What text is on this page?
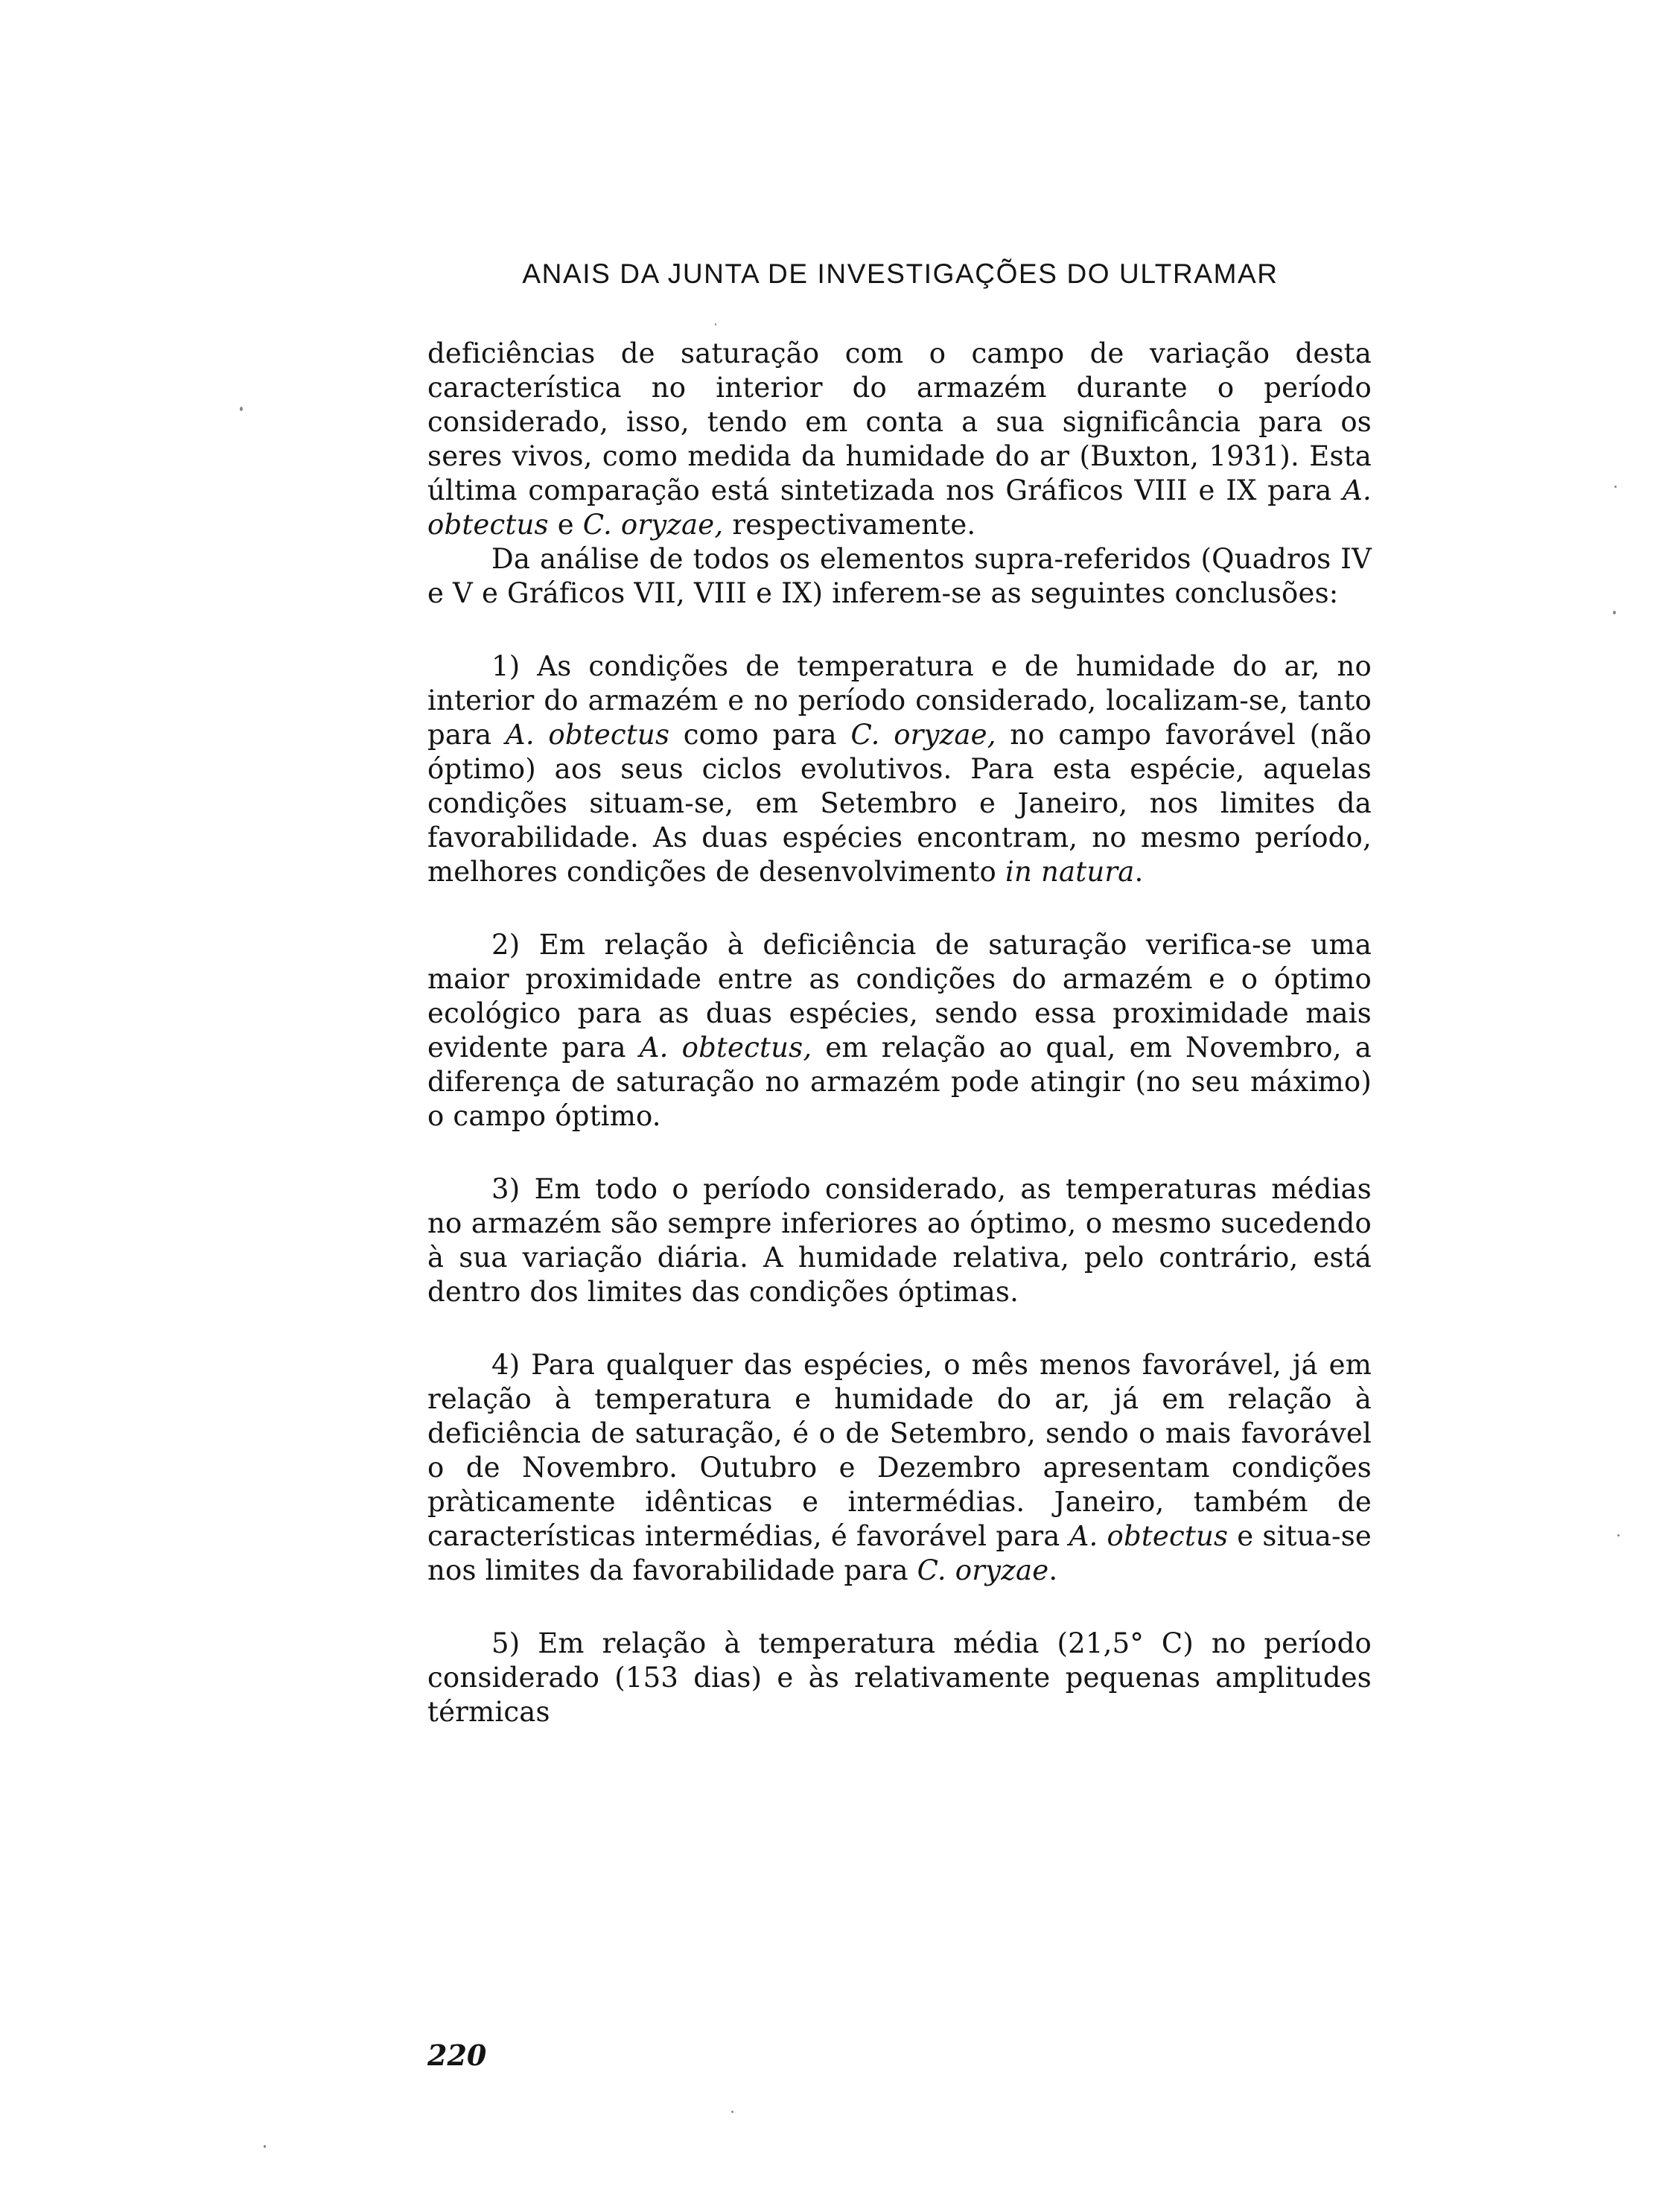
ANAIS DA JUNTA DE INVESTIGAÇÕES DO ULTRAMAR

deficiências de saturação com o campo de variação desta característica no interior do armazém durante o período considerado, isso, tendo em conta a sua significância para os seres vivos, como medida da humidade do ar (Buxton, 1931). Esta última comparação está sintetizada nos Gráficos VIII e IX para A. obtectus e C. oryzae, respectivamente.

Da análise de todos os elementos supra-referidos (Quadros IV e V e Gráficos VII, VIII e IX) inferem-se as seguintes conclusões:

1) As condições de temperatura e de humidade do ar, no interior do armazém e no período considerado, localizam-se, tanto para A. obtectus como para C. oryzae, no campo favorável (não óptimo) aos seus ciclos evolutivos. Para esta espécie, aquelas condições situam-se, em Setembro e Janeiro, nos limites da favorabilidade. As duas espécies encontram, no mesmo período, melhores condições de desenvolvimento in natura.

2) Em relação à deficiência de saturação verifica-se uma maior proximidade entre as condições do armazém e o óptimo ecológico para as duas espécies, sendo essa proximidade mais evidente para A. obtectus, em relação ao qual, em Novembro, a diferença de saturação no armazém pode atingir (no seu máximo) o campo óptimo.

3) Em todo o período considerado, as temperaturas médias no armazém são sempre inferiores ao óptimo, o mesmo sucedendo à sua variação diária. A humidade relativa, pelo contrário, está dentro dos limites das condições óptimas.

4) Para qualquer das espécies, o mês menos favorável, já em relação à temperatura e humidade do ar, já em relação à deficiência de saturação, é o de Setembro, sendo o mais favorável o de Novembro. Outubro e Dezembro apresentam condições pràticamente idênticas e intermédias. Janeiro, também de características intermédias, é favorável para A. obtectus e situa-se nos limites da favorabilidade para C. oryzae.

5) Em relação à temperatura média (21,5° C) no período considerado (153 dias) e às relativamente pequenas amplitudes térmicas

220
